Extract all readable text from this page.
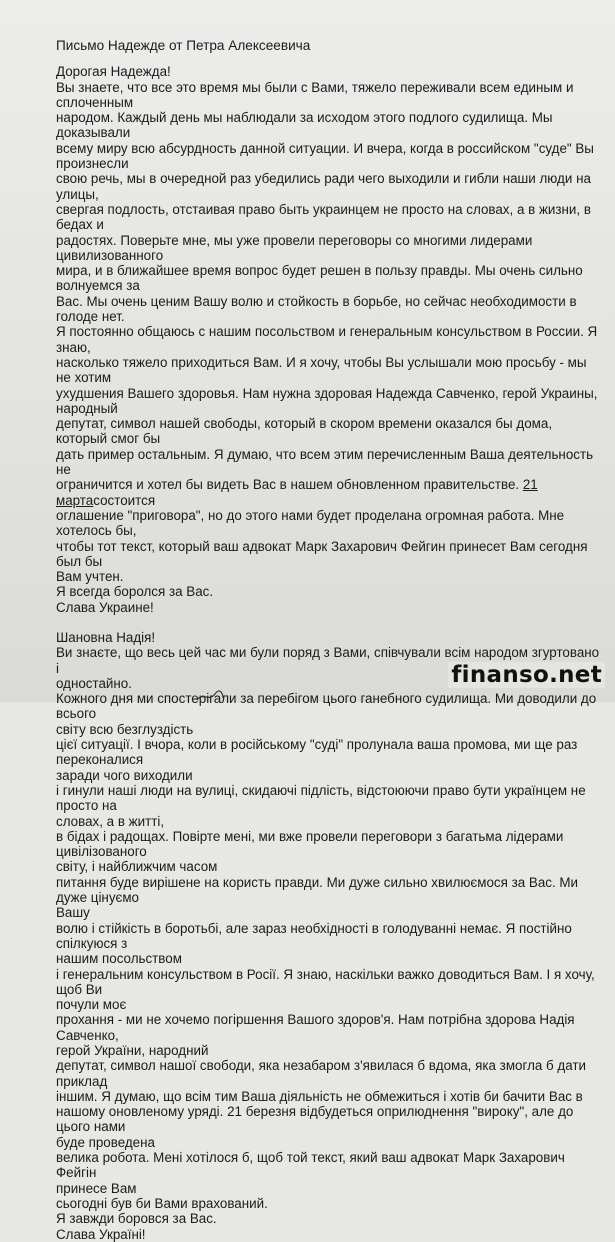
Письмо Надежде от Петра Алексеевича

Дорогая Надежда!

Вы знаете, что все это время мы были с Вами, тяжело переживали всем единым и сплоченным

народом. Каждый день мы наблюдали за исходом этого подлого судилища. Мы доказывали

всему миру всю абсурдность данной ситуации. И вчера, когда в российском "суде" Вы произнесли

свою речь, мы в очередной раз убедились ради чего выходили и гибли наши люди на улицы,

свергая подлость, отстаивая право быть украинцем не просто на словах, а в жизни, в бедах и

радостях. Поверьте мне, мы уже провели переговоры со многими лидерами цивилизованного

мира, и в ближайшее время вопрос будет решен в пользу правды. Мы очень сильно волнуемся за

Вас. Мы очень ценим Вашу волю и стойкость в борьбе, но сейчас необходимости в голоде нет.

Я постоянно общаюсь с нашим посольством и генеральным консульством в России. Я знаю,

насколько тяжело приходиться Вам. И я хочу, чтобы Вы услышали мою просьбу - мы не хотим

ухудшения Вашего здоровья. Нам нужна здоровая Надежда Савченко, герой Украины, народный

депутат, символ нашей свободы, который в скором времени оказался бы дома, который смог бы

дать пример остальным. Я думаю, что всем этим перечисленным Ваша деятельность не

ограничится и хотел бы видеть Вас в нашем обновленном правительстве. 21 мартасостоится

оглашение "приговора", но до этого нами будет проделана огромная работа. Мне хотелось бы,

чтобы тот текст, который ваш адвокат Марк Захарович Фейгин принесет Вам сегодня был бы

Вам учтен.

Я всегда боролся за Вас.

Слава Украине!

Шановна Надія!

Ви знаєте, що весь цей час ми були поряд з Вами, співчували всім народом згуртовано і

одностайно.

Кожного дня ми спостерігали за перебігом цього ганебного судилища. Ми доводили до всього

світу всю безглуздість

цієї ситуації. І вчора, коли в російському "суді" пролунала ваша промова, ми ще раз переконалися

заради чого виходили

і гинули наші люди на вулиці, скидаючі підлість, відстоюючи право бути українцем не просто на

словах, а в житті,

в бідах і радощах. Повірте мені, ми вже провели переговори з багатьма лідерами цивілізованого

світу, і найближчим часом

питання буде вирішене на користь правди. Ми дуже сильно хвилюємося за Вас. Ми дуже цінуємо

Вашу

волю і стійкість в боротьбі, але зараз необхідності в голодуванні немає. Я постійно спілкуюся з

нашим посольством

і генеральним консульством в Росії. Я знаю, наскільки важко доводиться Вам. І я хочу, щоб Ви

почули моє

прохання - ми не хочемо погіршення Вашого здоров'я. Нам потрібна здорова Надія Савченко,

герой України, народний

депутат, символ нашої свободи, яка незабаром з'явилася б вдома, яка змогла б дати приклад

іншим. Я думаю, що всім тим Ваша діяльність не обмежиться і хотів би бачити Вас в

нашому оновленому уряді. 21 березня відбудеться оприлюднення "вироку", але до цього нами

буде проведена

велика робота. Мені хотілося б, щоб той текст, який ваш адвокат Марк Захарович Фейгін

принесе Вам

сьогодні був би Вами врахований.

Я завжди боровся за Вас.

Слава Україні!

finanso.net
